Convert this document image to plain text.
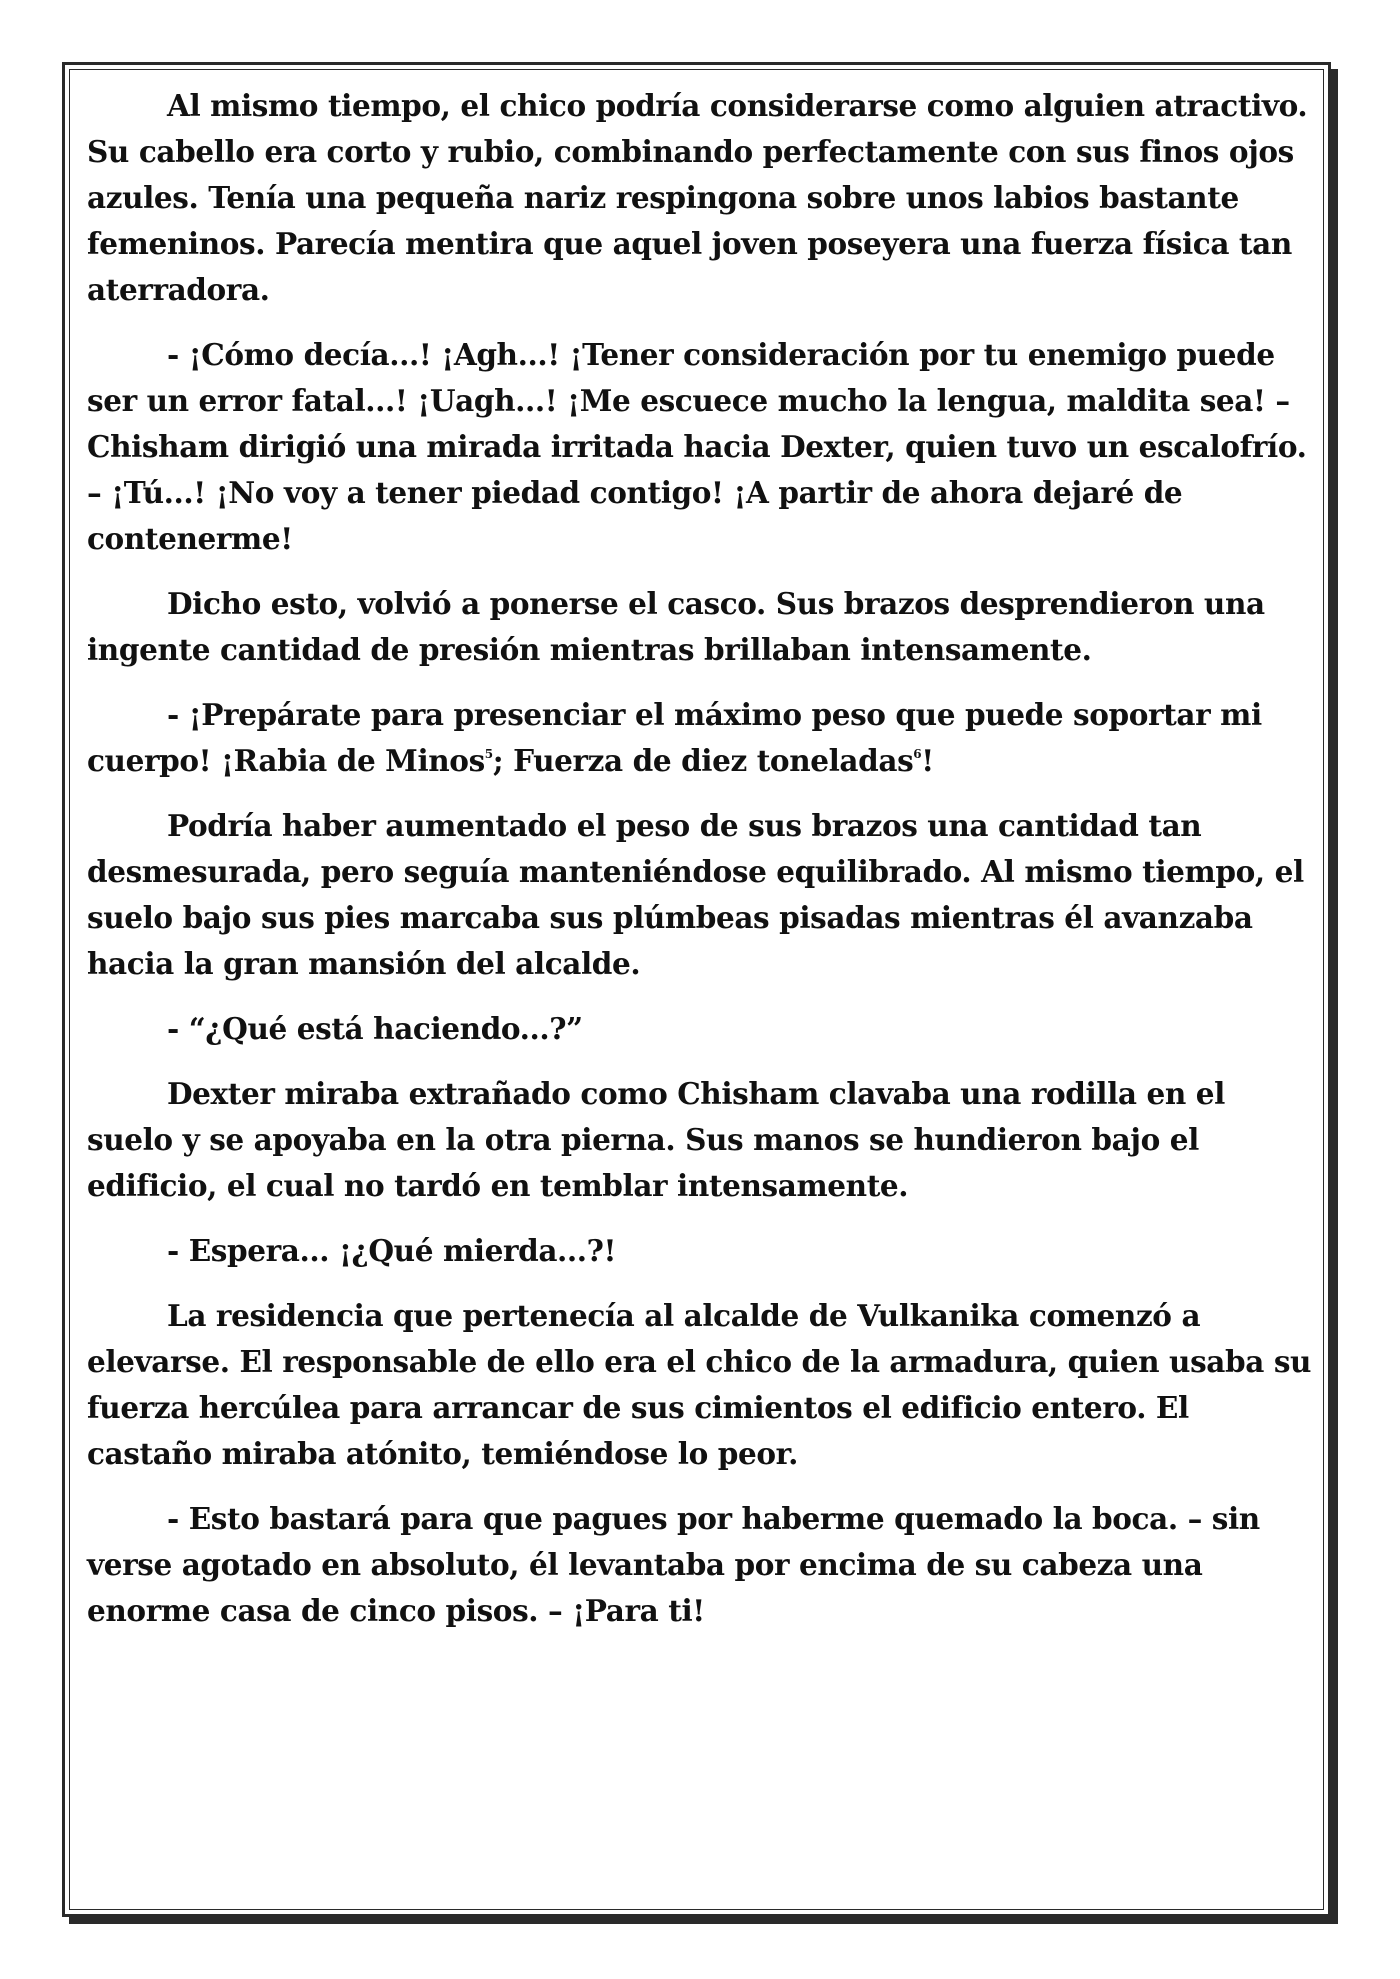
Al mismo tiempo, el chico podría considerarse como alguien atractivo. Su cabello era corto y rubio, combinando perfectamente con sus finos ojos azules. Tenía una pequeña nariz respingona sobre unos labios bastante femeninos. Parecía mentira que aquel joven poseyera una fuerza física tan aterradora.

- ¡Cómo decía...! ¡Agh...! ¡Tener consideración por tu enemigo puede ser un error fatal...! ¡Uagh...! ¡Me escuece mucho la lengua, maldita sea! – Chisham dirigió una mirada irritada hacia Dexter, quien tuvo un escalofrío. – ¡Tú...! ¡No voy a tener piedad contigo! ¡A partir de ahora dejaré de contenerme!

Dicho esto, volvió a ponerse el casco. Sus brazos desprendieron una ingente cantidad de presión mientras brillaban intensamente.

- ¡Prepárate para presenciar el máximo peso que puede soportar mi cuerpo! ¡Rabia de Minos$^5$; Fuerza de diez toneladas$^6$!

Podría haber aumentado el peso de sus brazos una cantidad tan desmesurada, pero seguía manteniéndose equilibrado. Al mismo tiempo, el suelo bajo sus pies marcaba sus plúmbeas pisadas mientras él avanzaba hacia la gran mansión del alcalde.

- “¿Qué está haciendo...?”

Dexter miraba extrañado como Chisham clavaba una rodilla en el suelo y se apoyaba en la otra pierna. Sus manos se hundieron bajo el edificio, el cual no tardó en temblar intensamente.

- Espera... ¡¿Qué mierda...?!

La residencia que pertenecía al alcalde de Vulkanika comenzó a elevarse. El responsable de ello era el chico de la armadura, quien usaba su fuerza hercúlea para arrancar de sus cimientos el edificio entero. El castaño miraba atónito, temiéndose lo peor.

- Esto bastará para que pagues por haberme quemado la boca. – sin verse agotado en absoluto, él levantaba por encima de su cabeza una enorme casa de cinco pisos. – ¡Para ti!
